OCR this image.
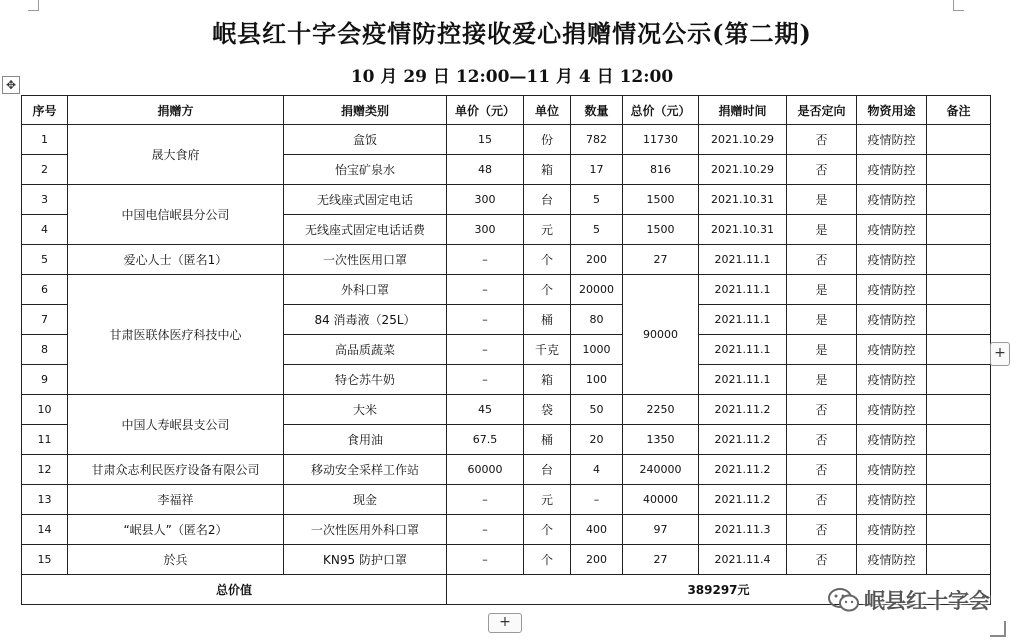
✥
岷县红十字会疫情防控接收爱心捐赠情况公示(第二期)
10 月 29 日 12:00—11 月 4 日 12:00
序号	捐赠方	捐赠类别	单价（元）	单位	数量	总价（元）	捐赠时间	是否定向	物资用途	备注
1	晟大食府	盒饭	15	份	782	11730	2021.10.29	否	疫情防控	
2		怡宝矿泉水	48	箱	17	816	2021.10.29	否	疫情防控	
3	中国电信岷县分公司	无线座式固定电话	300	台	5	1500	2021.10.31	是	疫情防控	
4		无线座式固定电话话费	300	元	5	1500	2021.10.31	是	疫情防控	
5	爱心人士（匿名1）	一次性医用口罩	–	个	200	27	2021.11.1	否	疫情防控	
6	甘肃医联体医疗科技中心	外科口罩	–	个	20000	90000	2021.11.1	是	疫情防控	
7		84 消毒液（25L）	–	桶	80		2021.11.1	是	疫情防控	
8		高品质蔬菜	–	千克	1000		2021.11.1	是	疫情防控	
9		特仑苏牛奶	–	箱	100		2021.11.1	是	疫情防控	
10	中国人寿岷县支公司	大米	45	袋	50	2250	2021.11.2	否	疫情防控	
11		食用油	67.5	桶	20	1350	2021.11.2	否	疫情防控	
12	甘肃众志利民医疗设备有限公司	移动安全采样工作站	60000	台	4	240000	2021.11.2	否	疫情防控	
13	李福祥	现金	–	元	–	40000	2021.11.2	否	疫情防控	
14	“岷县人”（匿名2）	一次性医用外科口罩	–	个	400	97	2021.11.3	否	疫情防控	
15	於兵	KN95 防护口罩	–	个	200	27	2021.11.4	否	疫情防控	
总价值			389297元							
+
+
岷县红十字会
